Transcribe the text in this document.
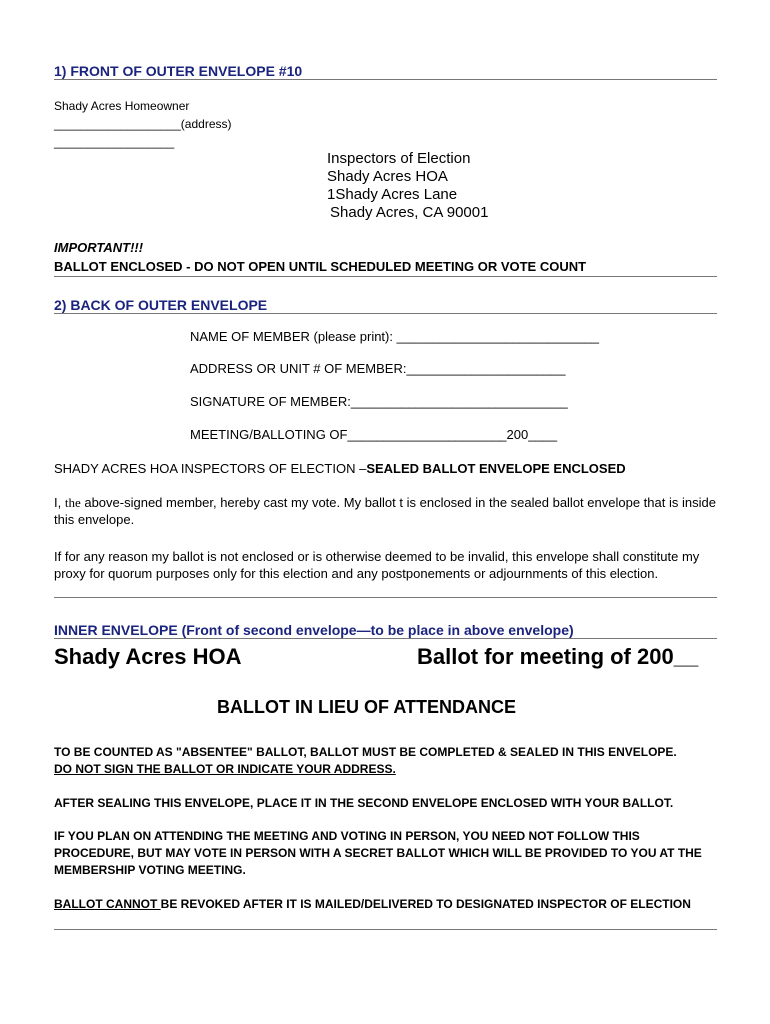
1) FRONT OF OUTER ENVELOPE #10
Shady Acres Homeowner
___________________(address)
__________________
Inspectors of Election
Shady Acres HOA
1Shady Acres Lane
Shady Acres, CA 90001
IMPORTANT!!!
BALLOT ENCLOSED - DO NOT OPEN UNTIL SCHEDULED MEETING OR VOTE COUNT
2) BACK OF OUTER ENVELOPE
NAME OF MEMBER (please print): ____________________________
ADDRESS OR UNIT # OF MEMBER:______________________
SIGNATURE OF MEMBER:______________________________
MEETING/BALLOTING OF______________________200____
SHADY ACRES HOA INSPECTORS OF ELECTION –SEALED BALLOT ENVELOPE ENCLOSED
I, the above-signed member, hereby cast my vote. My ballot t is enclosed in the sealed ballot envelope that is inside this envelope.
If for any reason my ballot is not enclosed or is otherwise deemed to be invalid, this envelope shall constitute my proxy for quorum purposes only for this election and any postponements or adjournments of this election.
INNER ENVELOPE (Front of second envelope—to be place in above envelope)
Shady Acres HOA	Ballot for meeting of 200__
BALLOT IN LIEU OF ATTENDANCE
TO BE COUNTED AS "ABSENTEE" BALLOT, BALLOT MUST BE COMPLETED & SEALED IN THIS ENVELOPE.
DO NOT SIGN THE BALLOT OR INDICATE YOUR ADDRESS.
AFTER SEALING THIS ENVELOPE, PLACE IT IN THE SECOND ENVELOPE ENCLOSED WITH YOUR BALLOT.
IF YOU PLAN ON ATTENDING THE MEETING AND VOTING IN PERSON, YOU NEED NOT FOLLOW THIS PROCEDURE, BUT MAY VOTE IN PERSON WITH A SECRET BALLOT WHICH WILL BE PROVIDED TO YOU AT THE MEMBERSHIP VOTING MEETING.
BALLOT CANNOT BE REVOKED AFTER IT IS MAILED/DELIVERED TO DESIGNATED INSPECTOR OF ELECTION
